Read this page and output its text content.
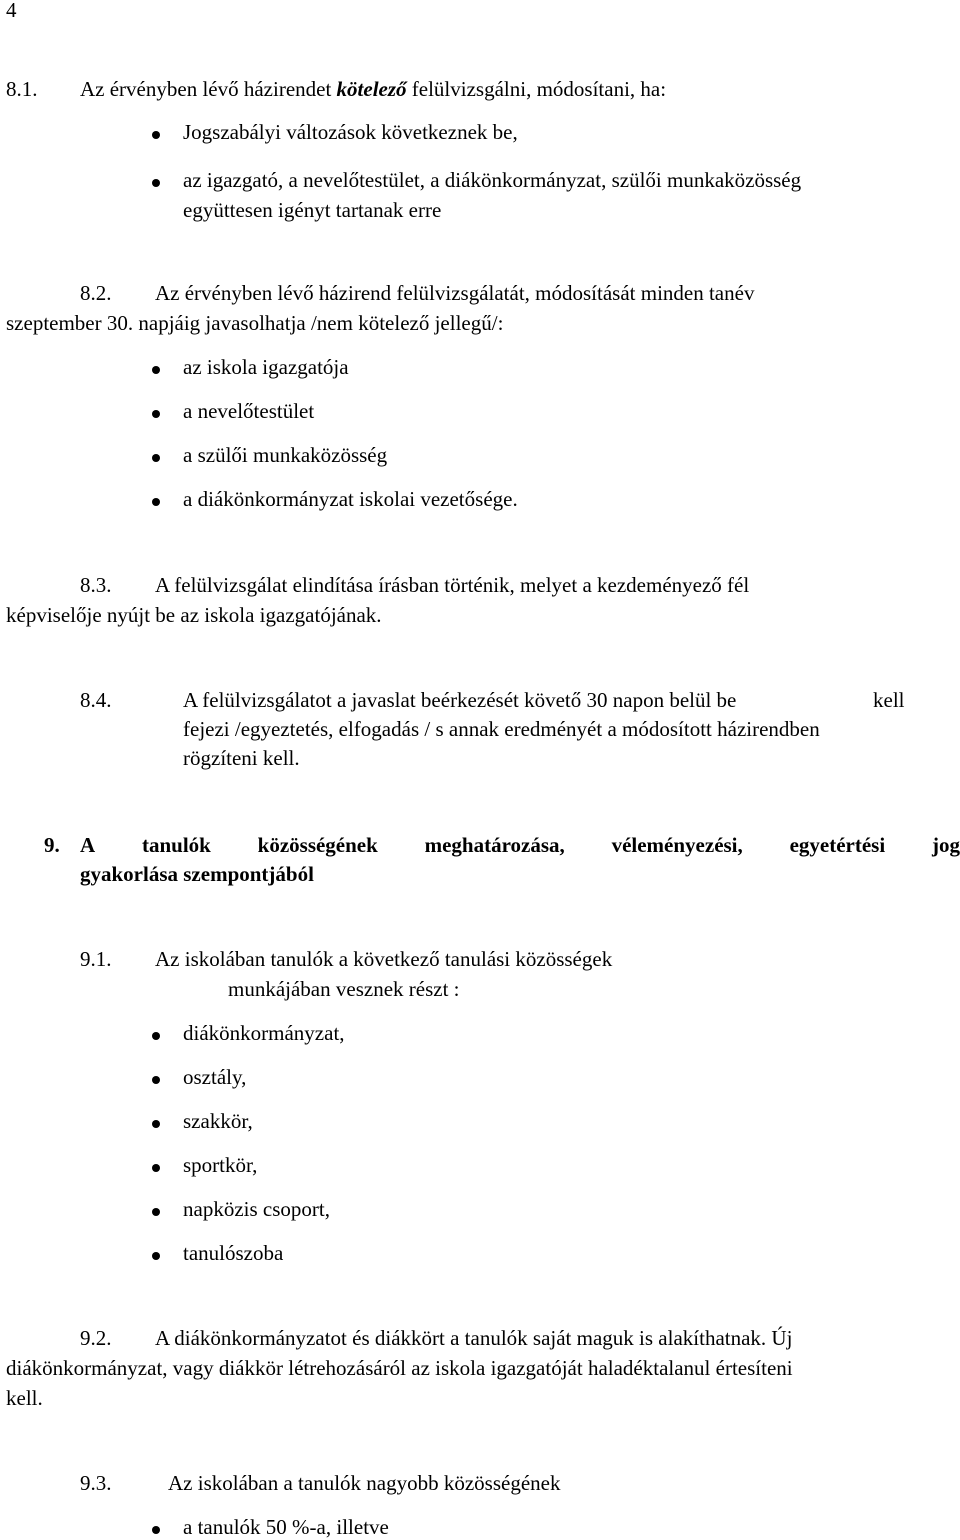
4
8.1. Az érvényben lévő házirendet kötelező felülvizsgálni, módosítani, ha:
Jogszabályi változások következnek be,
az igazgató, a nevelőtestület, a diákönkormányzat, szülői munkaközösség
együttesen igényt tartanak erre
8.2. Az érvényben lévő házirend felülvizsgálatát, módosítását minden tanév
szeptember 30. napjáig javasolhatja /nem kötelező jellegű/:
az iskola igazgatója
a nevelőtestület
a szülői munkaközösség
a diákönkormányzat iskolai vezetősége.
8.3. A felülvizsgálat elindítása írásban történik, melyet a kezdeményező fél
képviselője nyújt be az iskola igazgatójának.
8.4.	A felülvizsgálatot a javaslat beérkezését követő 30 napon belül be	kell
fejezi /egyeztetés, elfogadás / s annak eredményét a módosított házirendben
rögzíteni kell.
9. A tanulók közösségének meghatározása, véleményezési, egyetértési jog
gyakorlása szempontjából
9.1. Az iskolában tanulók a következő tanulási közösségek
munkájában vesznek részt :
diákönkormányzat,
osztály,
szakkör,
sportkör,
napközis csoport,
tanulószoba
9.2. A diákönkormányzatot és diákkört a tanulók saját maguk is alakíthatnak. Új
diákönkormányzat, vagy diákkör létrehozásáról az iskola igazgatóját haladéktalanul értesíteni
kell.
9.3.	Az iskolában a tanulók nagyobb közösségének
a tanulók 50 %-a, illetve
